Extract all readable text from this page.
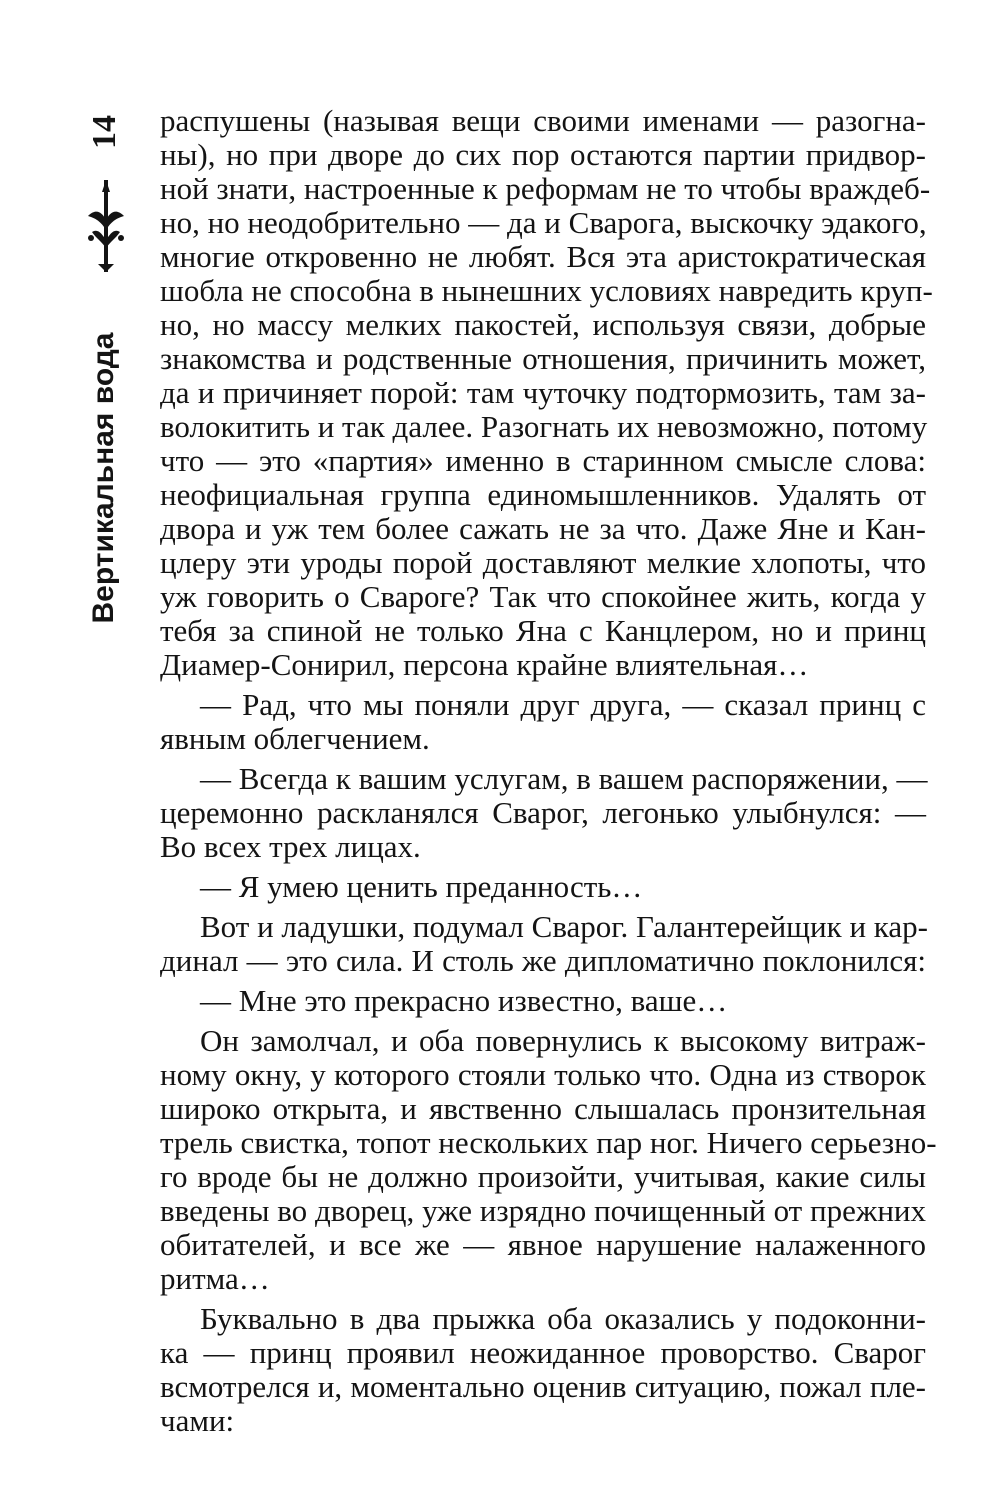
14
Вертикальная вода

распушены (называя вещи своими именами — разогна-
ны), но при дворе до сих пор остаются партии придвор-
ной знати, настроенные к реформам не то чтобы враждеб-
но, но неодобрительно — да и Сварога, выскочку эдакого,
многие откровенно не любят. Вся эта аристократическая
шобла не способна в нынешних условиях навредить круп-
но, но массу мелких пакостей, используя связи, добрые
знакомства и родственные отношения, причинить может,
да и причиняет порой: там чуточку подтормозить, там за-
волокитить и так далее. Разогнать их невозможно, потому
что — это «партия» именно в старинном смысле слова:
неофициальная группа единомышленников. Удалять от
двора и уж тем более сажать не за что. Даже Яне и Кан-
цлеру эти уроды порой доставляют мелкие хлопоты, что
уж говорить о Свароге? Так что спокойнее жить, когда у
тебя за спиной не только Яна с Канцлером, но и принц
Диамер-Сонирил, персона крайне влиятельная…

— Рад, что мы поняли друг друга, — сказал принц с
явным облегчением.

— Всегда к вашим услугам, в вашем распоряжении, —
церемонно раскланялся Сварог, легонько улыбнулся: —
Во всех трех лицах.

— Я умею ценить преданность…

Вот и ладушки, подумал Сварог. Галантерейщик и кар-
динал — это сила. И столь же дипломатично поклонился:

— Мне это прекрасно известно, ваше…

Он замолчал, и оба повернулись к высокому витраж-
ному окну, у которого стояли только что. Одна из створок
широко открыта, и явственно слышалась пронзительная
трель свистка, топот нескольких пар ног. Ничего серьезно-
го вроде бы не должно произойти, учитывая, какие силы
введены во дворец, уже изрядно почищенный от прежних
обитателей, и все же — явное нарушение налаженного
ритма…

Буквально в два прыжка оба оказались у подоконни-
ка — принц проявил неожиданное проворство. Сварог
всмотрелся и, моментально оценив ситуацию, пожал пле-
чами:
